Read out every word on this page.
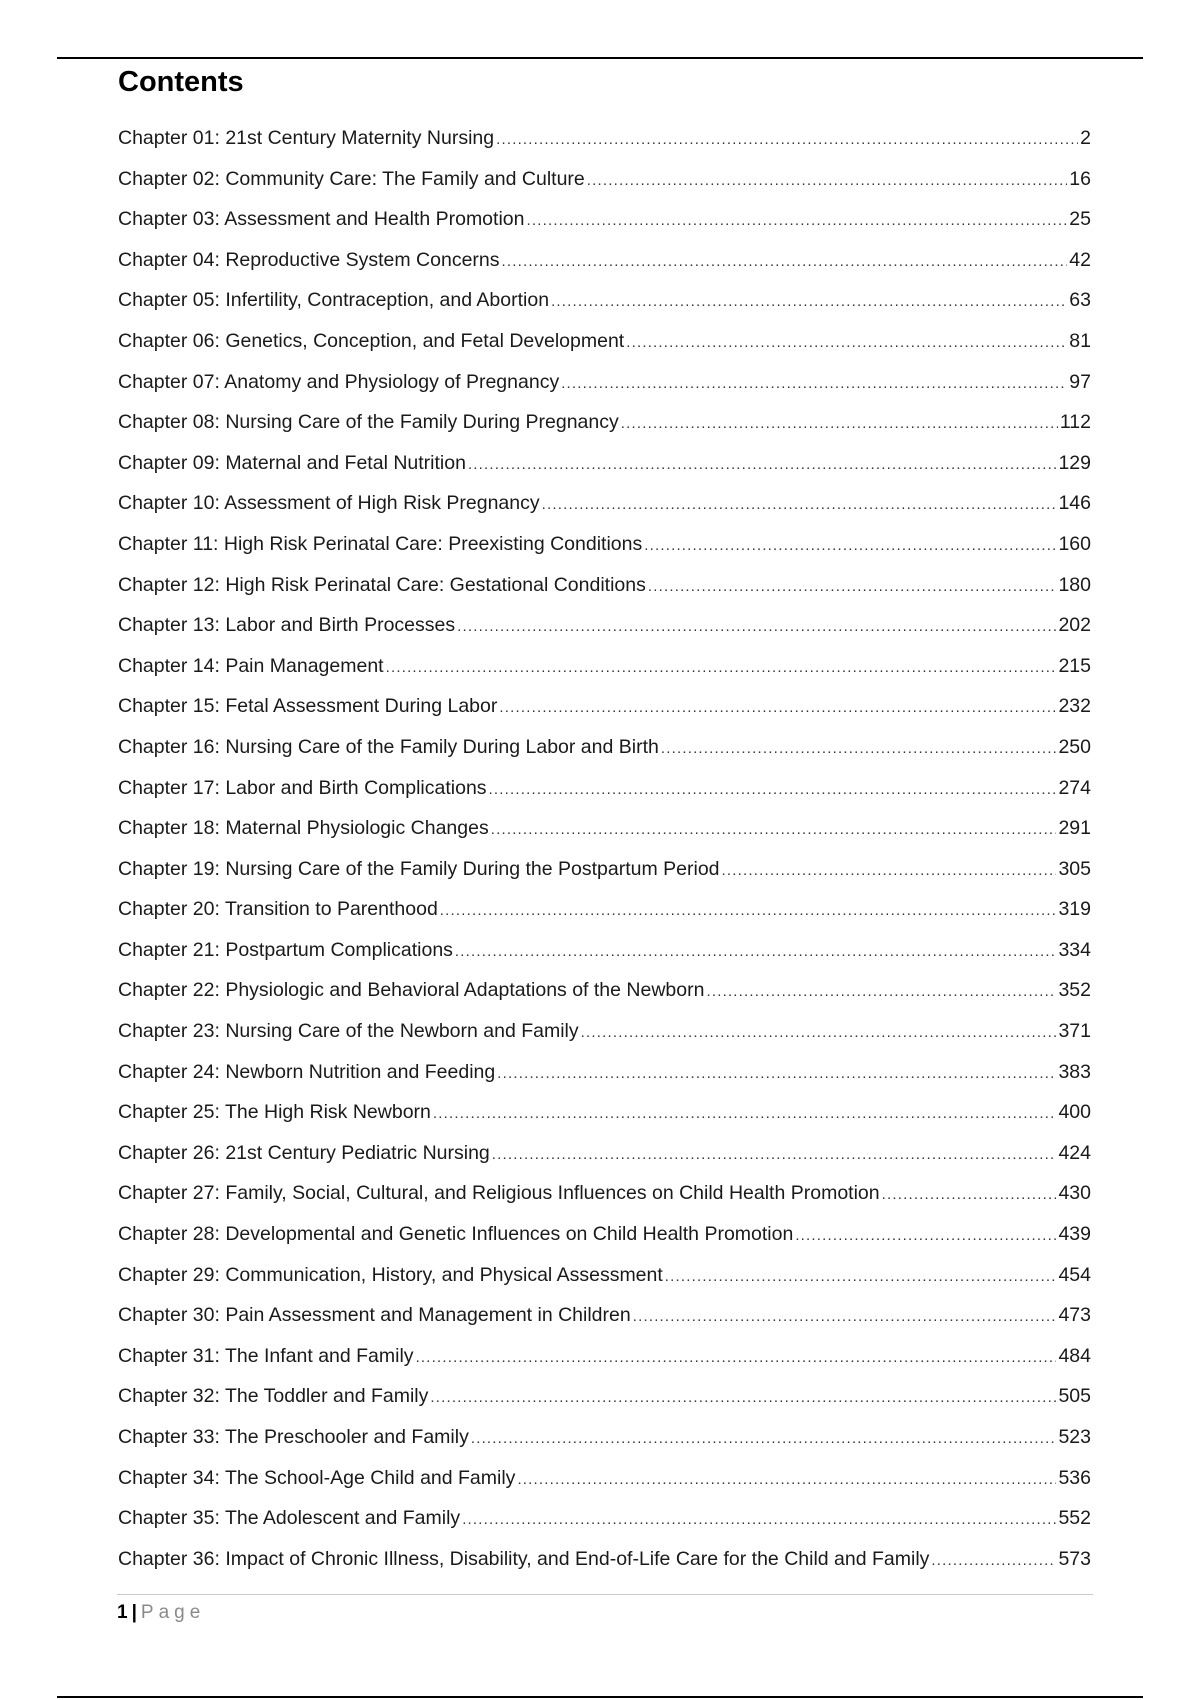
Contents
Chapter 01: 21st Century Maternity Nursing .....	2
Chapter 02: Community Care: The Family and Culture .....	16
Chapter 03: Assessment and Health Promotion .....	25
Chapter 04: Reproductive System Concerns .....	42
Chapter 05: Infertility, Contraception, and Abortion .....	63
Chapter 06: Genetics, Conception, and Fetal Development .....	81
Chapter 07: Anatomy and Physiology of Pregnancy .....	97
Chapter 08: Nursing Care of the Family During Pregnancy .....	112
Chapter 09: Maternal and Fetal Nutrition .....	129
Chapter 10: Assessment of High Risk Pregnancy .....	146
Chapter 11: High Risk Perinatal Care: Preexisting Conditions .....	160
Chapter 12: High Risk Perinatal Care: Gestational Conditions .....	180
Chapter 13: Labor and Birth Processes .....	202
Chapter 14: Pain Management .....	215
Chapter 15: Fetal Assessment During Labor .....	232
Chapter 16: Nursing Care of the Family During Labor and Birth .....	250
Chapter 17: Labor and Birth Complications .....	274
Chapter 18: Maternal Physiologic Changes .....	291
Chapter 19: Nursing Care of the Family During the Postpartum Period .....	305
Chapter 20: Transition to Parenthood .....	319
Chapter 21: Postpartum Complications .....	334
Chapter 22: Physiologic and Behavioral Adaptations of the Newborn .....	352
Chapter 23: Nursing Care of the Newborn and Family .....	371
Chapter 24: Newborn Nutrition and Feeding .....	383
Chapter 25: The High Risk Newborn .....	400
Chapter 26: 21st Century Pediatric Nursing .....	424
Chapter 27: Family, Social, Cultural, and Religious Influences on Child Health Promotion .....	430
Chapter 28: Developmental and Genetic Influences on Child Health Promotion .....	439
Chapter 29: Communication, History, and Physical Assessment .....	454
Chapter 30: Pain Assessment and Management in Children .....	473
Chapter 31: The Infant and Family .....	484
Chapter 32: The Toddler and Family .....	505
Chapter 33: The Preschooler and Family .....	523
Chapter 34: The School-Age Child and Family .....	536
Chapter 35: The Adolescent and Family .....	552
Chapter 36: Impact of Chronic Illness, Disability, and End-of-Life Care for the Child and Family .....	573
1 | Page
